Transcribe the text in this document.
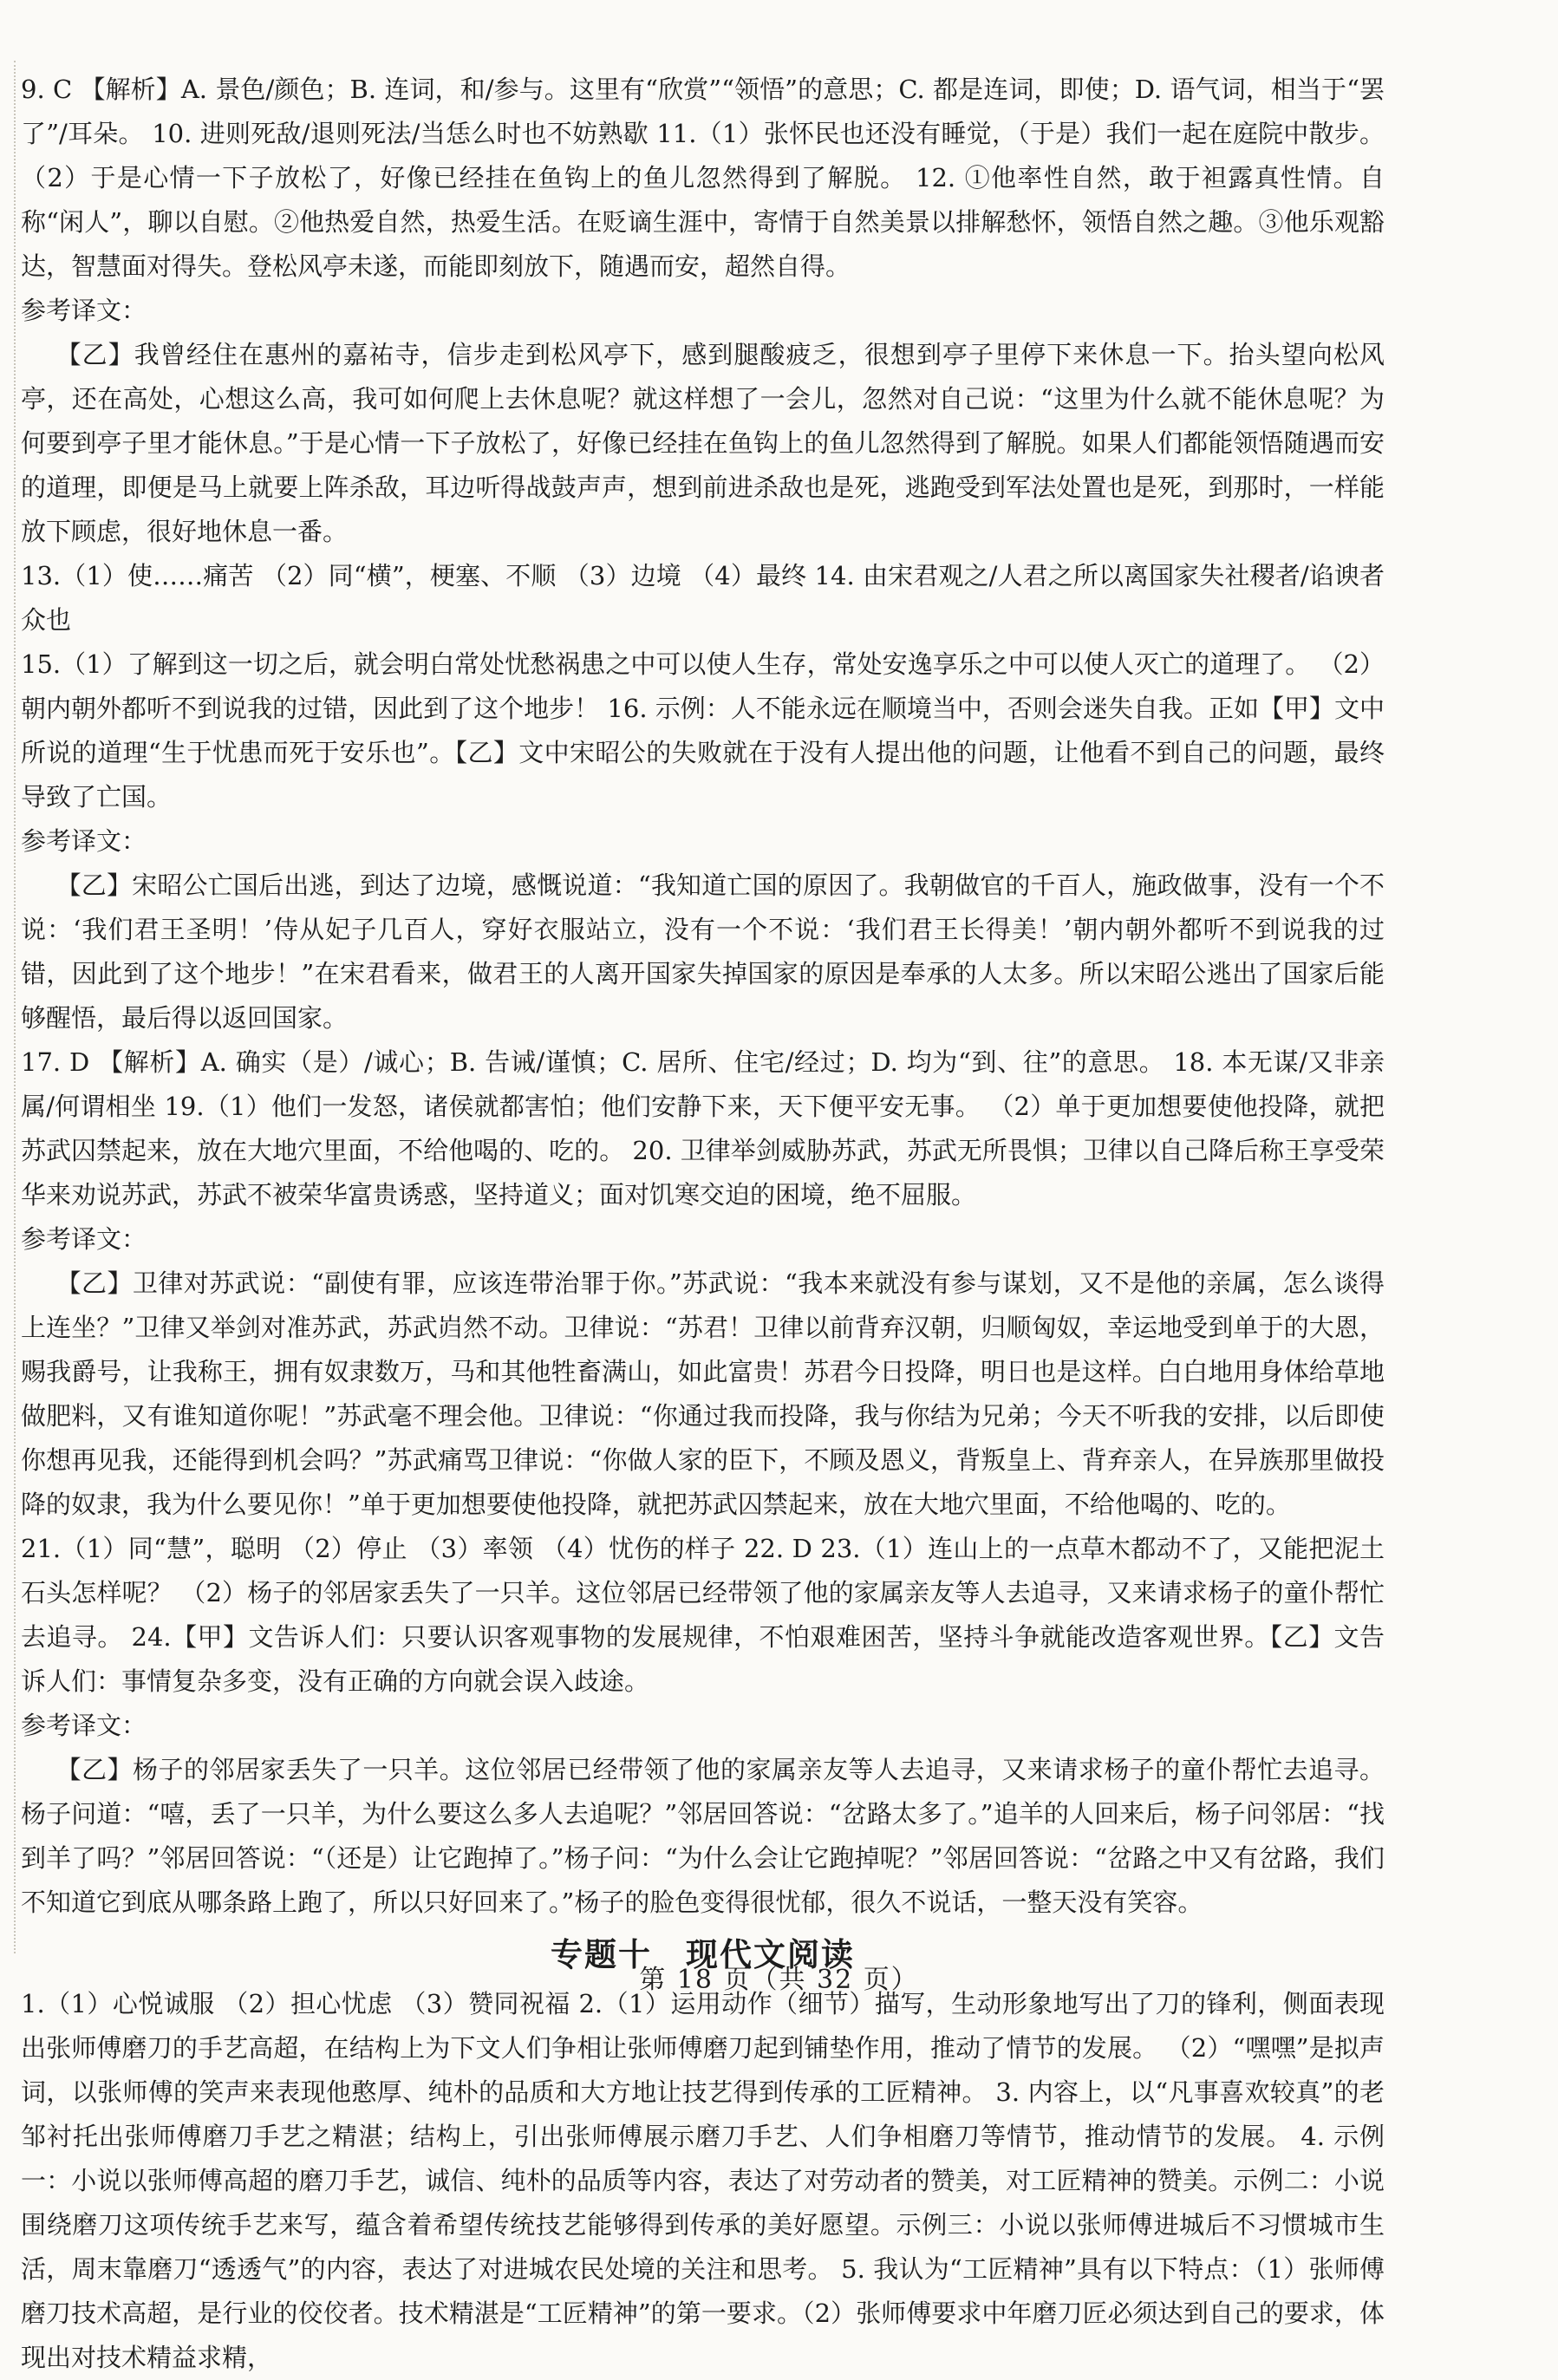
9. C 【解析】A. 景色/颜色；B. 连词，和/参与。这里有“欣赏”“领悟”的意思；C. 都是连词，即使；D. 语气词，相当于“罢了”/耳朵。 10. 进则死敌/退则死法/当恁么时也不妨熟歇 11.（1）张怀民也还没有睡觉，（于是）我们一起在庭院中散步。（2）于是心情一下子放松了，好像已经挂在鱼钩上的鱼儿忽然得到了解脱。 12. ①他率性自然，敢于袒露真性情。自称“闲人”，聊以自慰。②他热爱自然，热爱生活。在贬谪生涯中，寄情于自然美景以排解愁怀，领悟自然之趣。③他乐观豁达，智慧面对得失。登松风亭未遂，而能即刻放下，随遇而安，超然自得。

参考译文：

【乙】我曾经住在惠州的嘉祐寺，信步走到松风亭下，感到腿酸疲乏，很想到亭子里停下来休息一下。抬头望向松风亭，还在高处，心想这么高，我可如何爬上去休息呢？就这样想了一会儿，忽然对自己说：“这里为什么就不能休息呢？为何要到亭子里才能休息。”于是心情一下子放松了，好像已经挂在鱼钩上的鱼儿忽然得到了解脱。如果人们都能领悟随遇而安的道理，即便是马上就要上阵杀敌，耳边听得战鼓声声，想到前进杀敌也是死，逃跑受到军法处置也是死，到那时，一样能放下顾虑，很好地休息一番。

13.（1）使……痛苦 （2）同“横”，梗塞、不顺 （3）边境 （4）最终 14. 由宋君观之/人君之所以离国家失社稷者/谄谀者众也

15.（1）了解到这一切之后，就会明白常处忧愁祸患之中可以使人生存，常处安逸享乐之中可以使人灭亡的道理了。 （2）朝内朝外都听不到说我的过错，因此到了这个地步！ 16. 示例：人不能永远在顺境当中，否则会迷失自我。正如【甲】文中所说的道理“生于忧患而死于安乐也”。【乙】文中宋昭公的失败就在于没有人提出他的问题，让他看不到自己的问题，最终导致了亡国。

参考译文：

【乙】宋昭公亡国后出逃，到达了边境，感慨说道：“我知道亡国的原因了。我朝做官的千百人，施政做事，没有一个不说：‘我们君王圣明！’侍从妃子几百人，穿好衣服站立，没有一个不说：‘我们君王长得美！’朝内朝外都听不到说我的过错，因此到了这个地步！”在宋君看来，做君王的人离开国家失掉国家的原因是奉承的人太多。所以宋昭公逃出了国家后能够醒悟，最后得以返回国家。

17. D 【解析】A. 确实（是）/诚心；B. 告诫/谨慎；C. 居所、住宅/经过；D. 均为“到、往”的意思。 18. 本无谋/又非亲属/何谓相坐 19.（1）他们一发怒，诸侯就都害怕；他们安静下来，天下便平安无事。 （2）单于更加想要使他投降，就把苏武囚禁起来，放在大地穴里面，不给他喝的、吃的。 20. 卫律举剑威胁苏武，苏武无所畏惧；卫律以自己降后称王享受荣华来劝说苏武，苏武不被荣华富贵诱惑，坚持道义；面对饥寒交迫的困境，绝不屈服。

参考译文：

【乙】卫律对苏武说：“副使有罪，应该连带治罪于你。”苏武说：“我本来就没有参与谋划，又不是他的亲属，怎么谈得上连坐？”卫律又举剑对准苏武，苏武岿然不动。卫律说：“苏君！卫律以前背弃汉朝，归顺匈奴，幸运地受到单于的大恩，赐我爵号，让我称王，拥有奴隶数万，马和其他牲畜满山，如此富贵！苏君今日投降，明日也是这样。白白地用身体给草地做肥料，又有谁知道你呢！”苏武毫不理会他。卫律说：“你通过我而投降，我与你结为兄弟；今天不听我的安排，以后即使你想再见我，还能得到机会吗？”苏武痛骂卫律说：“你做人家的臣下，不顾及恩义，背叛皇上、背弃亲人，在异族那里做投降的奴隶，我为什么要见你！”单于更加想要使他投降，就把苏武囚禁起来，放在大地穴里面，不给他喝的、吃的。

21.（1）同“慧”，聪明 （2）停止 （3）率领 （4）忧伤的样子 22. D 23.（1）连山上的一点草木都动不了，又能把泥土石头怎样呢？ （2）杨子的邻居家丢失了一只羊。这位邻居已经带领了他的家属亲友等人去追寻，又来请求杨子的童仆帮忙去追寻。 24.【甲】文告诉人们：只要认识客观事物的发展规律，不怕艰难困苦，坚持斗争就能改造客观世界。【乙】文告诉人们：事情复杂多变，没有正确的方向就会误入歧途。

参考译文：

【乙】杨子的邻居家丢失了一只羊。这位邻居已经带领了他的家属亲友等人去追寻，又来请求杨子的童仆帮忙去追寻。杨子问道：“嘻，丢了一只羊，为什么要这么多人去追呢？”邻居回答说：“岔路太多了。”追羊的人回来后，杨子问邻居：“找到羊了吗？”邻居回答说：“（还是）让它跑掉了。”杨子问：“为什么会让它跑掉呢？”邻居回答说：“岔路之中又有岔路，我们不知道它到底从哪条路上跑了，所以只好回来了。”杨子的脸色变得很忧郁，很久不说话，一整天没有笑容。

专题十　现代文阅读

1.（1）心悦诚服 （2）担心忧虑 （3）赞同祝福 2.（1）运用动作（细节）描写，生动形象地写出了刀的锋利，侧面表现出张师傅磨刀的手艺高超，在结构上为下文人们争相让张师傅磨刀起到铺垫作用，推动了情节的发展。 （2）“嘿嘿”是拟声词，以张师傅的笑声来表现他憨厚、纯朴的品质和大方地让技艺得到传承的工匠精神。 3. 内容上，以“凡事喜欢较真”的老邹衬托出张师傅磨刀手艺之精湛；结构上，引出张师傅展示磨刀手艺、人们争相磨刀等情节，推动情节的发展。 4. 示例一：小说以张师傅高超的磨刀手艺，诚信、纯朴的品质等内容，表达了对劳动者的赞美，对工匠精神的赞美。示例二：小说围绕磨刀这项传统手艺来写，蕴含着希望传统技艺能够得到传承的美好愿望。示例三：小说以张师傅进城后不习惯城市生活，周末靠磨刀“透透气”的内容，表达了对进城农民处境的关注和思考。 5. 我认为“工匠精神”具有以下特点：（1）张师傅磨刀技术高超，是行业的佼佼者。技术精湛是“工匠精神”的第一要求。（2）张师傅要求中年磨刀匠必须达到自己的要求，体现出对技术精益求精，

第 18 页（共 32 页）
